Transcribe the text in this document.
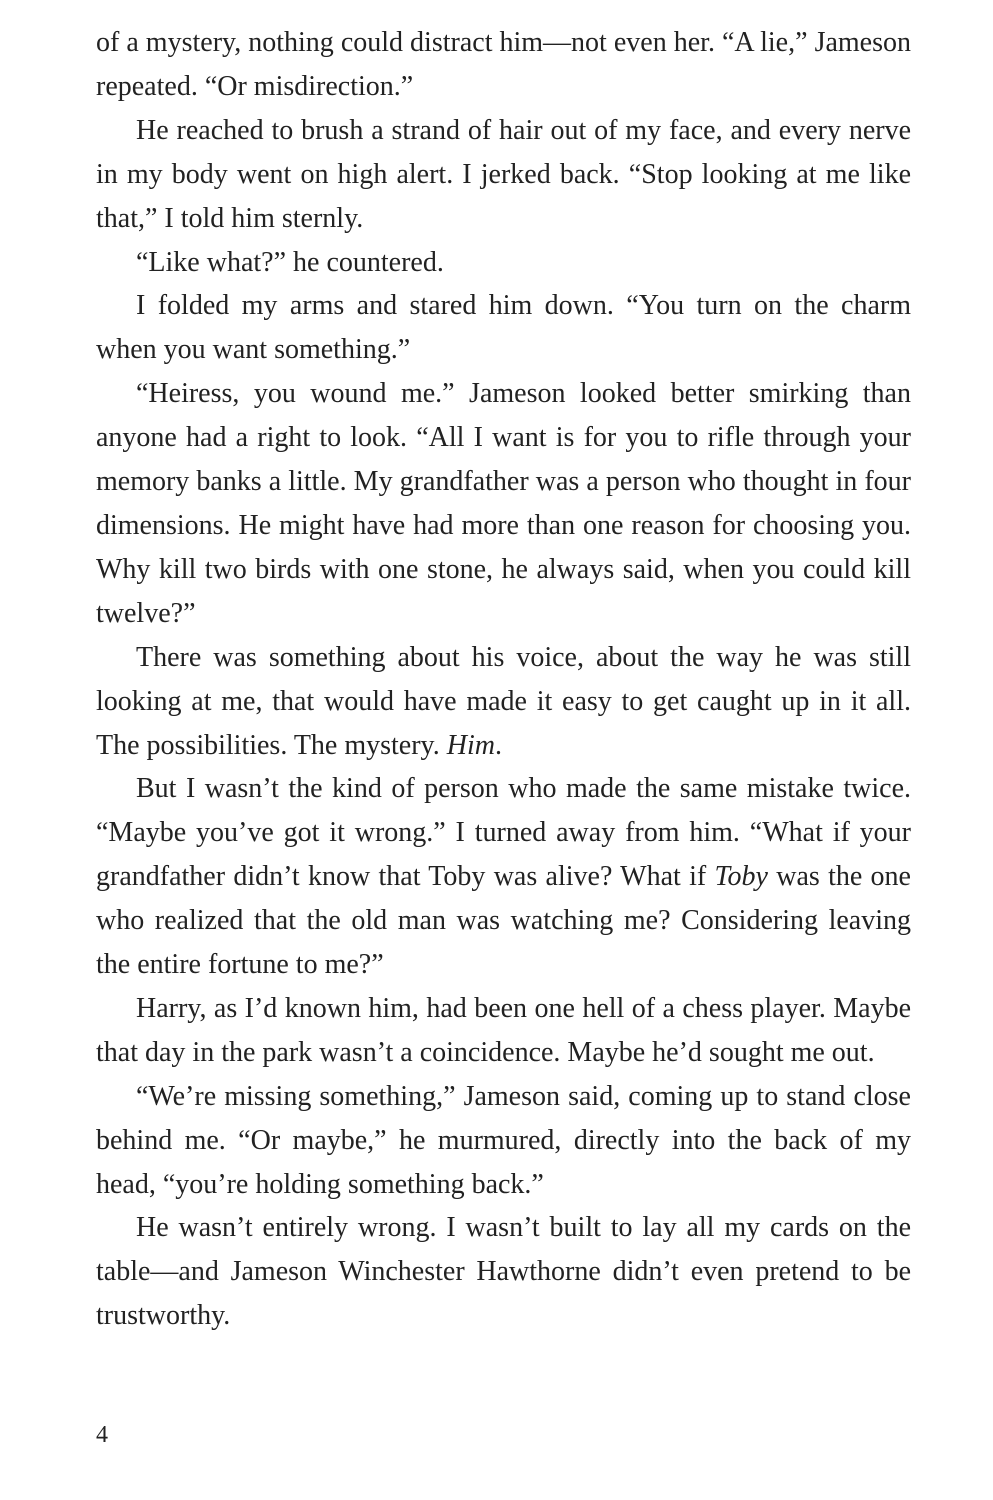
of a mystery, nothing could distract him—not even her. “A lie,” Jameson repeated. “Or misdirection.”

He reached to brush a strand of hair out of my face, and every nerve in my body went on high alert. I jerked back. “Stop looking at me like that,” I told him sternly.

“Like what?” he countered.

I folded my arms and stared him down. “You turn on the charm when you want something.”

“Heiress, you wound me.” Jameson looked better smirking than anyone had a right to look. “All I want is for you to rifle through your memory banks a little. My grandfather was a person who thought in four dimensions. He might have had more than one reason for choosing you. Why kill two birds with one stone, he always said, when you could kill twelve?”

There was something about his voice, about the way he was still looking at me, that would have made it easy to get caught up in it all. The possibilities. The mystery. Him.

But I wasn’t the kind of person who made the same mistake twice. “Maybe you’ve got it wrong.” I turned away from him. “What if your grandfather didn’t know that Toby was alive? What if Toby was the one who realized that the old man was watching me? Considering leaving the entire fortune to me?”

Harry, as I’d known him, had been one hell of a chess player. Maybe that day in the park wasn’t a coincidence. Maybe he’d sought me out.

“We’re missing something,” Jameson said, coming up to stand close behind me. “Or maybe,” he murmured, directly into the back of my head, “you’re holding something back.”

He wasn’t entirely wrong. I wasn’t built to lay all my cards on the table—and Jameson Winchester Hawthorne didn’t even pretend to be trustworthy.

4
